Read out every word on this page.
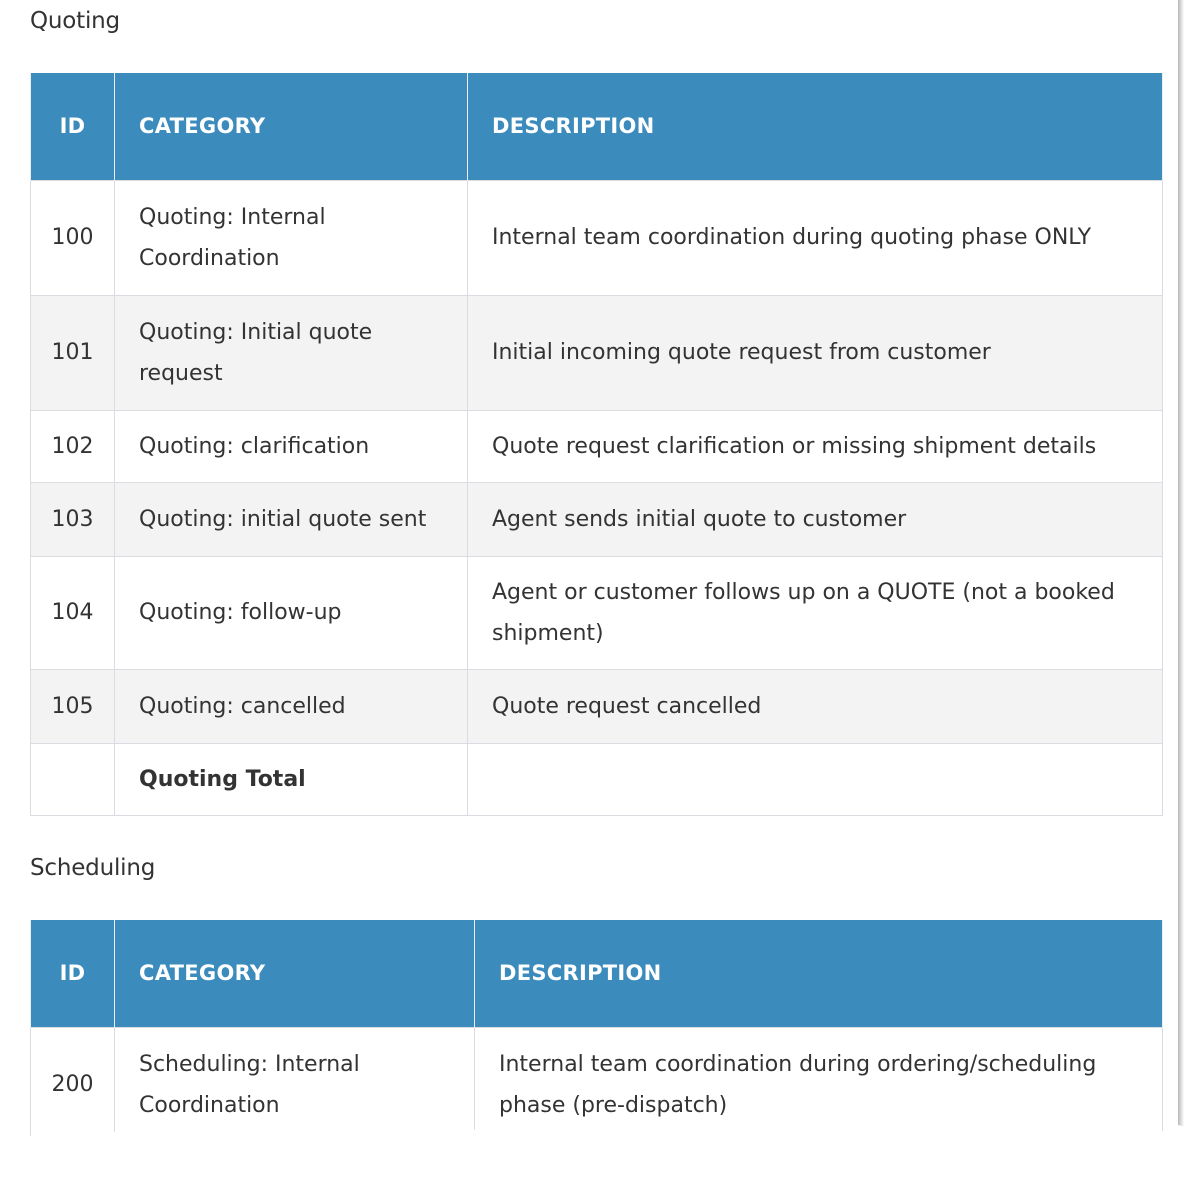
Quoting
ID	CATEGORY	DESCRIPTION
100	Quoting: Internal Coordination	Internal team coordination during quoting phase ONLY
101	Quoting: Initial quote request	Initial incoming quote request from customer
102	Quoting: clarification	Quote request clarification or missing shipment details
103	Quoting: initial quote sent	Agent sends initial quote to customer
104	Quoting: follow-up	Agent or customer follows up on a QUOTE (not a booked shipment)
105	Quoting: cancelled	Quote request cancelled
	Quoting Total	
Scheduling
ID	CATEGORY	DESCRIPTION
200	Scheduling: Internal Coordination	Internal team coordination during ordering/scheduling phase (pre-dispatch)
